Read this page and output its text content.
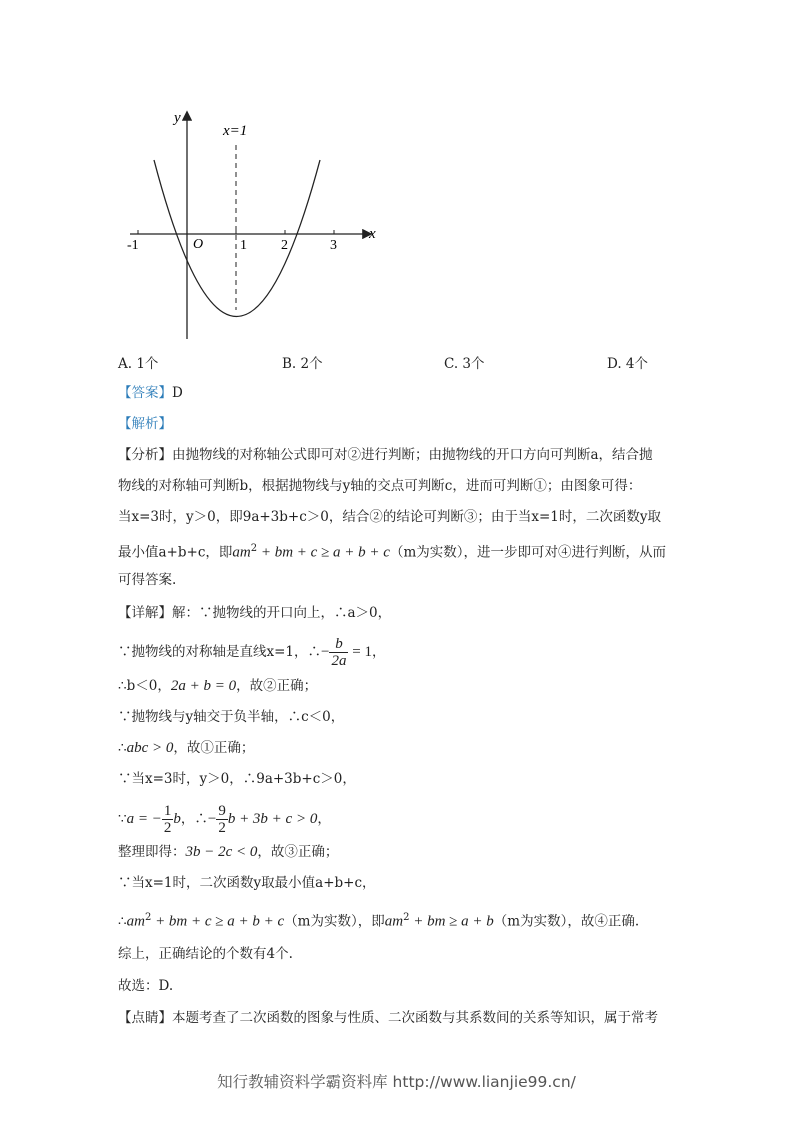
y
x
O
x=1
-1	1 2	3
A. 1个	B. 2个	C. 3个	D. 4个
【答案】D
【解析】
【分析】由抛物线的对称轴公式即可对②进行判断；由抛物线的开口方向可判断a，结合抛
物线的对称轴可判断b，根据抛物线与y轴的交点可判断c，进而可判断①；由图象可得：
当x=3时，y＞0，即9a+3b+c＞0，结合②的结论可判断③；由于当x=1时，二次函数y取
最小值a+b+c，即$am^2$ + bm + c ≥ a + b + c（m为实数），进一步即可对④进行判断，从而
可得答案.
【详解】解：∵抛物线的开口向上，∴a＞0，
∵抛物线的对称轴是直线x=1，∴− $\frac{b}{2a} = 1$，
∴b＜0，2a + b = 0，故②正确；
∵抛物线与y轴交于负半轴，∴c＜0，
∴abc > 0，故①正确；
∵当x=3时，y＞0，∴9a+3b+c＞0，
∵a = − $\frac{1}{2}$ b，∴− $\frac{9}{2}$ b + 3b + c > 0，
整理即得：3b − 2c < 0，故③正确；
∵当x=1时，二次函数y取最小值a+b+c，
$\therefore am^2$ + bm + c ≥ a + b + c（m为实数），即$am^2$ + bm ≥ a + b（m为实数），故④正确.
综上，正确结论的个数有4个.
故选：D.
【点睛】本题考查了二次函数的图象与性质、二次函数与其系数间的关系等知识，属于常考
知行教辅资料学霸资料库 http://www.lianjie99.cn/
